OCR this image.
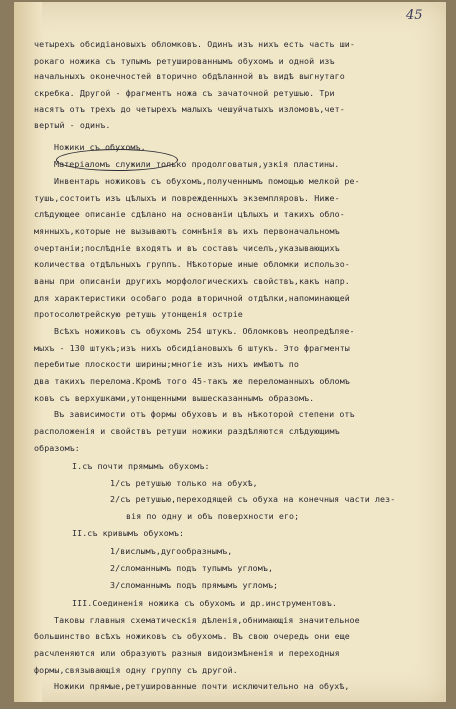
45
четырехъ обсидіановыхъ обломковъ. Одинъ изъ нихъ есть часть ши-
рокаго ножика съ тупымъ ретушированнымъ обухомъ и одной изъ
начальныхъ оконечностей вторично обдѣланной въ видѣ выгнутаго
скребка. Другой - фрагментъ ножа съ зачаточной ретушью. Три
насятъ отъ трехъ до четырехъ малыхъ чешуйчатыхъ изломовъ,чет-
вертый - одинъ.
Ножики съ обухомъ.
Матеріаломъ служили только продолговатыя,узкія пластины.
Инвентарь ножиковъ съ обухомъ,полученнымъ помощью мелкой ре-
тушь,состоитъ изъ цѣлыхъ и поврежденныхъ экземпляровъ. Ниже-
слѣдующее описаніе сдѣлано на основаніи цѣлыхъ и такихъ обло-
мянныхъ,которые не вызываютъ сомнѣнія въ ихъ первоначальномъ
очертаніи;послѣдніе входятъ и въ составъ чиселъ,указывающихъ
количества отдѣльныхъ группъ. Нѣкоторые иные обломки использо-
ваны при описаніи другихъ морфологическихъ свойствъ,какъ напр.
для характеристики особаго рода вторичной отдѣлки,напоминающей
протосолютрейскую ретушь утонщенія остріе
Всѣхъ ножиковъ съ обухомъ 254 штукъ. Обломковъ неопредѣляе-
мыхъ - 130 штукъ;изъ нихъ обсидіановыхъ 6 штукъ. Это фрагменты
перебитые плоскости ширины;многіе изъ нихъ имѣютъ по
два такихъ перелома.Кромѣ того 45-такъ же переломанныхъ обломъ
ковъ съ верхушками,утонщенными вышесказаннымъ образомъ.
Въ зависимости отъ формы обуховъ и въ нѣкоторой степени отъ
расположенія и свойствъ ретуши ножики раздѣляются слѣдующимъ
образомъ:
I.съ почти прямымъ обухомъ:
1/съ ретушью только на обухѣ,
2/съ ретушью,переходящей съ обуха на конечныя части лез-
вія по одну и объ поверхности его;
II.съ кривымъ обухомъ:
1/вислымъ,дугообразнымъ,
2/сломаннымъ подъ тупымъ угломъ,
3/сломаннымъ подъ прямымъ угломъ;
III.Соединенія ножика съ обухомъ и др.инструментовъ.
Таковы главныя схематическія дѣленія,обнимающія значительное
большинство всѣхъ ножиковъ съ обухомъ. Въ свою очередь они еще
расчленяются или образуютъ разныя видоизмѣненія и переходныя
формы,связывающія одну группу съ другой.
Ножики прямые,ретушированные почти исключительно на обухѣ,
